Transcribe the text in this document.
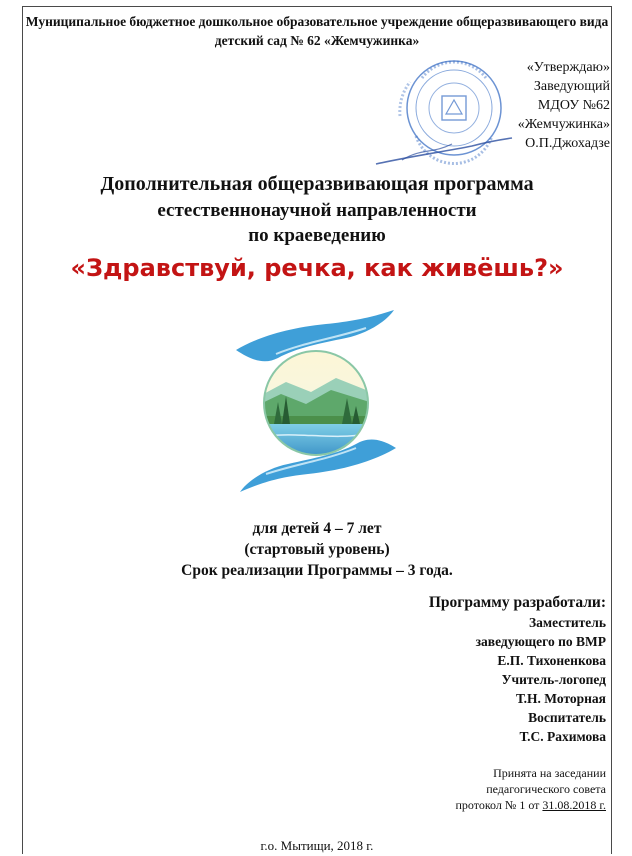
Муниципальное бюджетное дошкольное образовательное учреждение общеразвивающего вида
детский сад № 62 «Жемчужинка»
«Утверждаю»
Заведующий
МДОУ №62
«Жемчужинка»
О.П.Джохадзе
Дополнительная общеразвивающая программа
естественнонаучной направленности
по краеведению
«Здравствуй, речка, как живёшь?»
для детей 4 – 7 лет
(стартовый уровень)
Срок реализации Программы – 3 года.
Программу разработали:
Заместитель
заведующего по ВМР
Е.П. Тихоненкова
Учитель-логопед
Т.Н. Моторная
Воспитатель
Т.С. Рахимова
Принята на заседании
педагогического совета
протокол № 1 от 31.08.2018 г.
г.о. Мытищи, 2018 г.
